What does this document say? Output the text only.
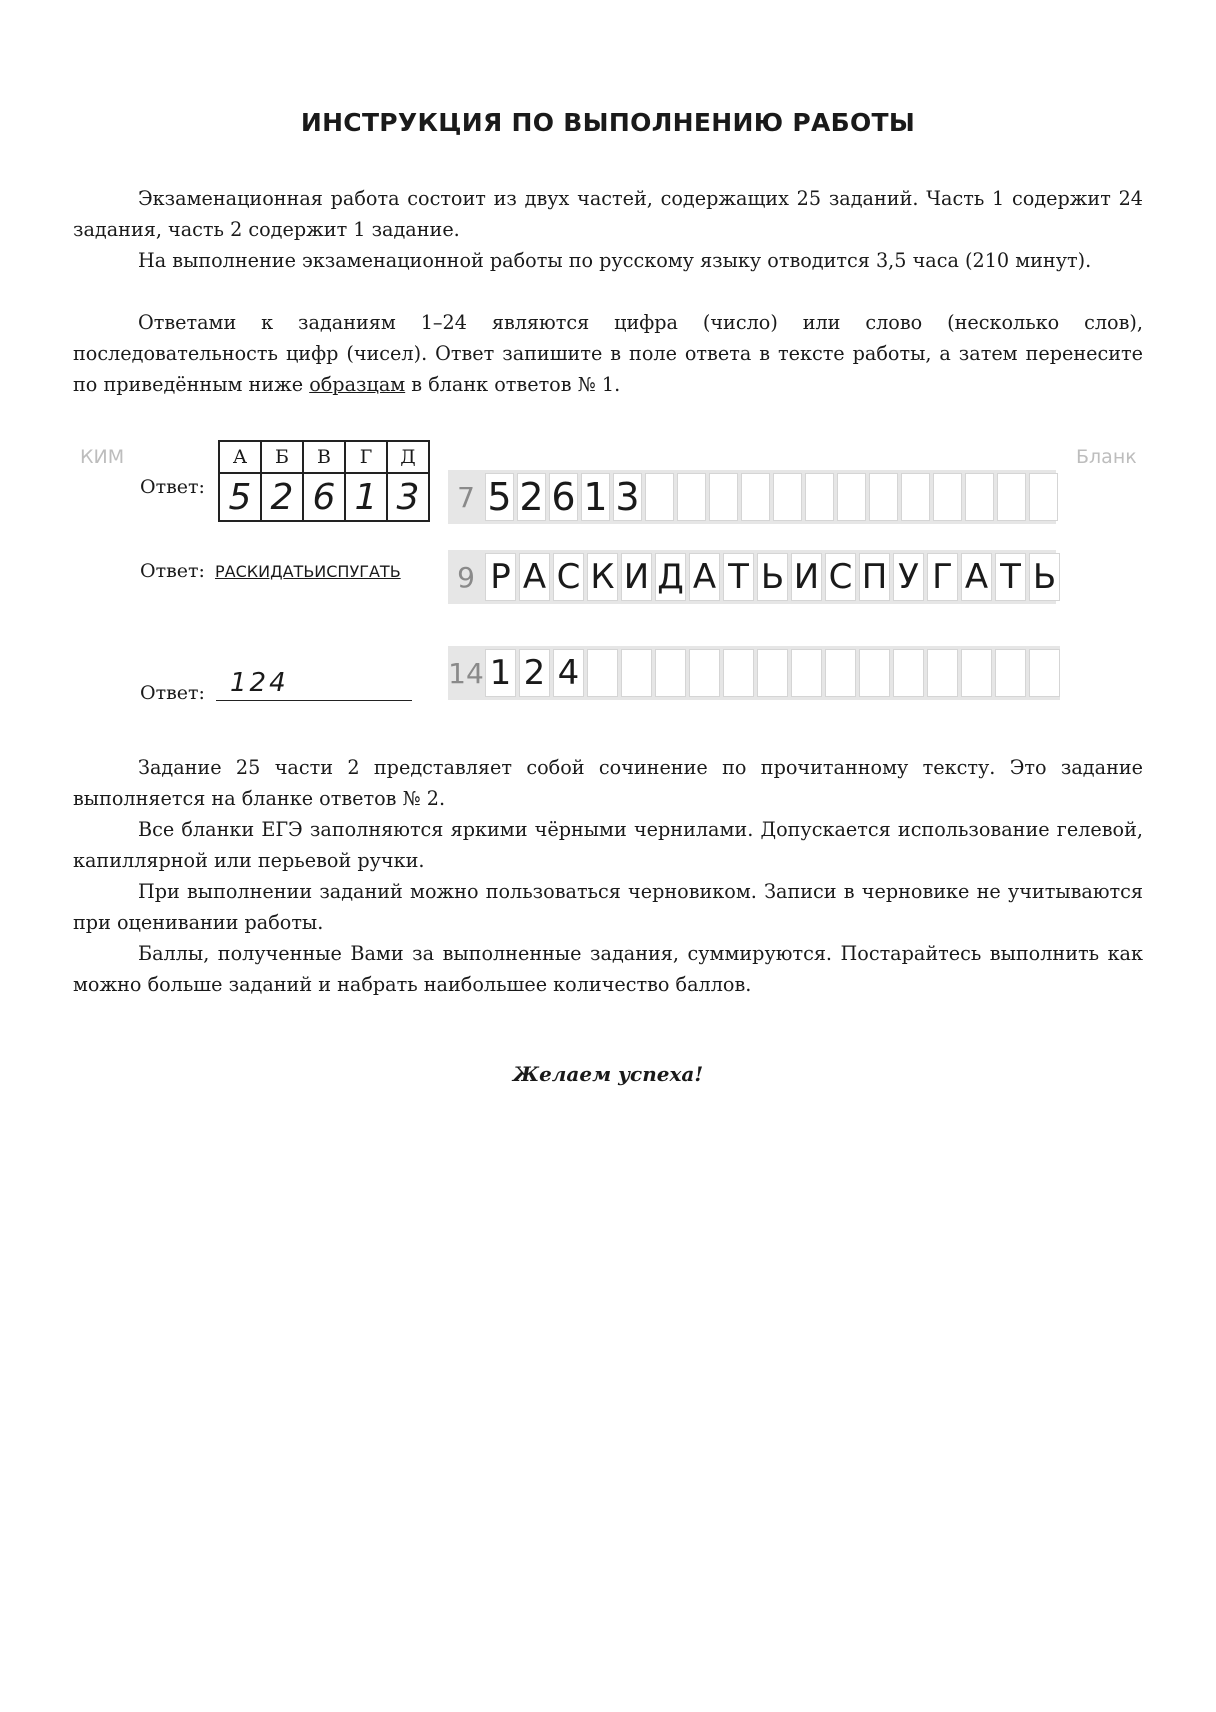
ИНСТРУКЦИЯ ПО ВЫПОЛНЕНИЮ РАБОТЫ

Экзаменационная работа состоит из двух частей, содержащих 25 заданий. Часть 1 содержит 24 задания, часть 2 содержит 1 задание.

На выполнение экзаменационной работы по русскому языку отводится 3,5 часа (210 минут).

Ответами к заданиям 1–24 являются цифра (число) или слово (несколько слов), последовательность цифр (чисел). Ответ запишите в поле ответа в тексте работы, а затем перенесите по приведённым ниже образцам в бланк ответов № 1.

КИМ	Бланк
Ответ:
А	Б	В	Г	Д
5	2	6	1	3	7 5 2 6 1 3
Ответ: РАСКИДАТЬИСПУГАТЬ	9 Р А С К И Д А Т Ь И С П У Г А Т Ь
Ответ: 124	14 1 2 4

Задание 25 части 2 представляет собой сочинение по прочитанному тексту. Это задание выполняется на бланке ответов № 2.

Все бланки ЕГЭ заполняются яркими чёрными чернилами. Допускается использование гелевой, капиллярной или перьевой ручки.

При выполнении заданий можно пользоваться черновиком. Записи в черновике не учитываются при оценивании работы.

Баллы, полученные Вами за выполненные задания, суммируются. Постарайтесь выполнить как можно больше заданий и набрать наибольшее количество баллов.

Желаем успеха!
